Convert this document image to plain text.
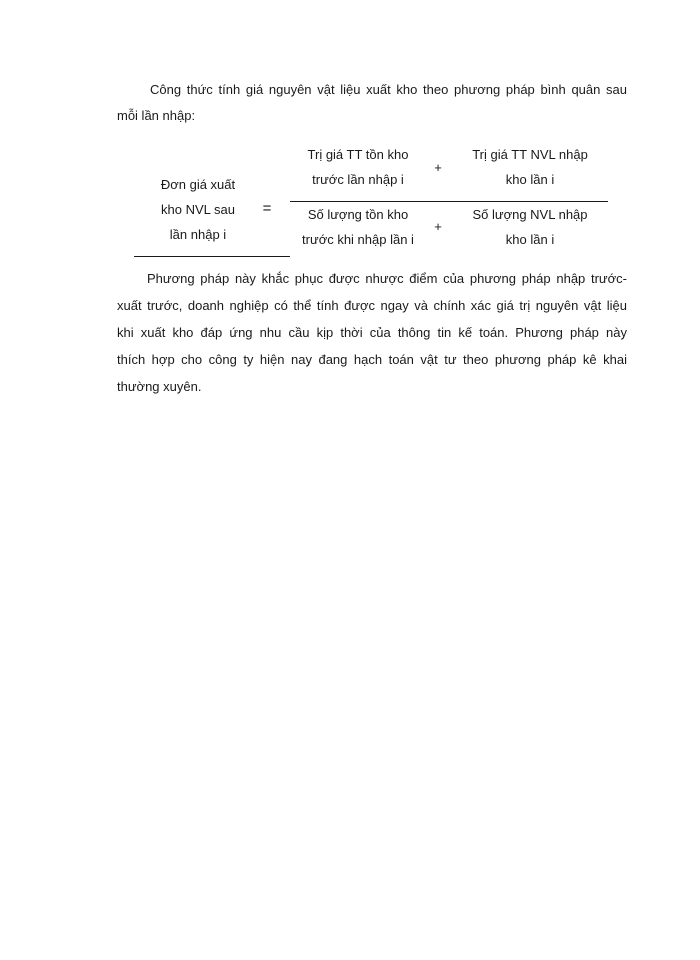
Công thức tính giá nguyên vật liệu xuất kho theo phương pháp bình quân sau
mỗi lần nhập:
Đơn giá xuất
kho NVL sau
lần nhập i
=
Trị giá TT tồn kho
trước lần nhập i
+
Trị giá TT NVL nhập
kho lần i
Số lượng tồn kho
trước khi nhập lần i
+
Số lượng NVL nhập
kho lần i
Phương pháp này khắc phục được nhược điểm của phương pháp nhập trước-
xuất trước, doanh nghiệp có thể tính được ngay và chính xác giá trị nguyên vật liệu
khi xuất kho đáp ứng nhu cầu kịp thời của thông tin kế toán. Phương pháp này
thích hợp cho công ty hiện nay đang hạch toán vật tư theo phương pháp kê khai
thường xuyên.
